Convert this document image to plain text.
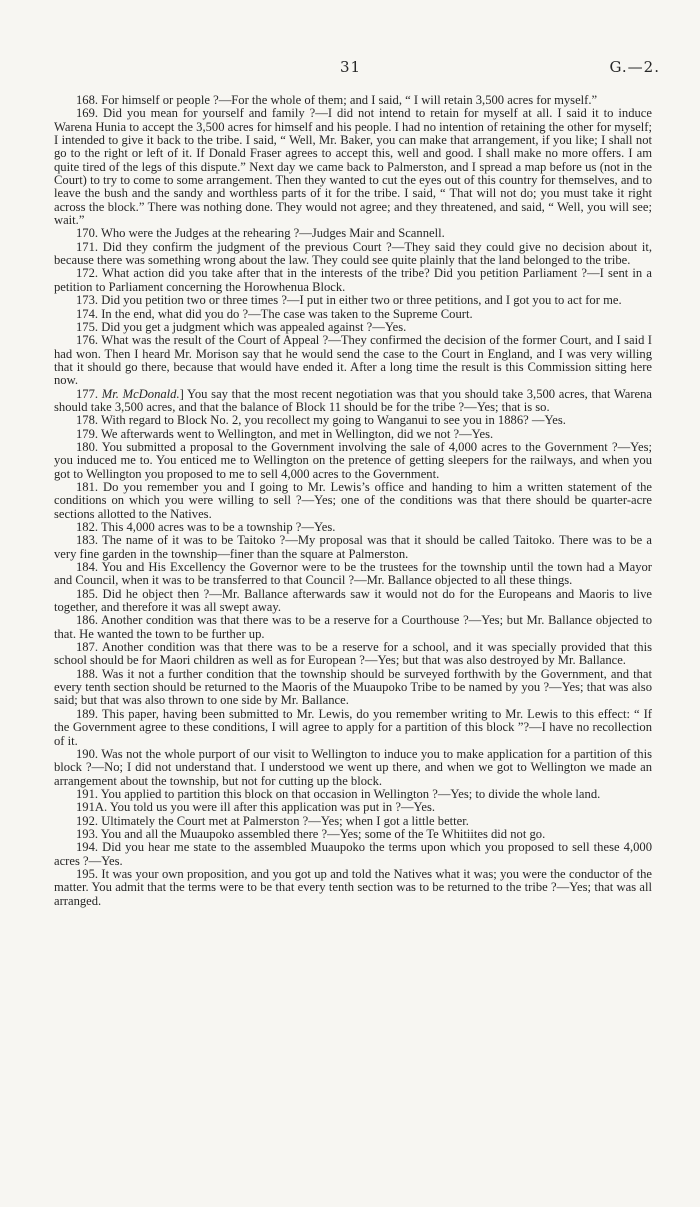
31	G.—2.

168. For himself or people ?—For the whole of them; and I said, “ I will retain 3,500 acres for myself.”

169. Did you mean for yourself and family ?—I did not intend to retain for myself at all. I said it to induce Warena Hunia to accept the 3,500 acres for himself and his people. I had no intention of retaining the other for myself; I intended to give it back to the tribe. I said, “ Well, Mr. Baker, you can make that arrangement, if you like; I shall not go to the right or left of it. If Donald Fraser agrees to accept this, well and good. I shall make no more offers. I am quite tired of the legs of this dispute.” Next day we came back to Palmerston, and I spread a map before us (not in the Court) to try to come to some arrangement. Then they wanted to cut the eyes out of this country for themselves, and to leave the bush and the sandy and worthless parts of it for the tribe. I said, “ That will not do; you must take it right across the block.” There was nothing done. They would not agree; and they threatened, and said, “ Well, you will see; wait.”

170. Who were the Judges at the rehearing ?—Judges Mair and Scannell.

171. Did they confirm the judgment of the previous Court ?—They said they could give no decision about it, because there was something wrong about the law. They could see quite plainly that the land belonged to the tribe.

172. What action did you take after that in the interests of the tribe? Did you petition Parliament ?—I sent in a petition to Parliament concerning the Horowhenua Block.

173. Did you petition two or three times ?—I put in either two or three petitions, and I got you to act for me.

174. In the end, what did you do ?—The case was taken to the Supreme Court.

175. Did you get a judgment which was appealed against ?—Yes.

176. What was the result of the Court of Appeal ?—They confirmed the decision of the former Court, and I said I had won. Then I heard Mr. Morison say that he would send the case to the Court in England, and I was very willing that it should go there, because that would have ended it. After a long time the result is this Commission sitting here now.

177. Mr. McDonald.] You say that the most recent negotiation was that you should take 3,500 acres, that Warena should take 3,500 acres, and that the balance of Block 11 should be for the tribe ?—Yes; that is so.

178. With regard to Block No. 2, you recollect my going to Wanganui to see you in 1886? —Yes.

179. We afterwards went to Wellington, and met in Wellington, did we not ?—Yes.

180. You submitted a proposal to the Government involving the sale of 4,000 acres to the Government ?—Yes; you induced me to. You enticed me to Wellington on the pretence of getting sleepers for the railways, and when you got to Wellington you proposed to me to sell 4,000 acres to the Government.

181. Do you remember you and I going to Mr. Lewis’s office and handing to him a written statement of the conditions on which you were willing to sell ?—Yes; one of the conditions was that there should be quarter-acre sections allotted to the Natives.

182. This 4,000 acres was to be a township ?—Yes.

183. The name of it was to be Taitoko ?—My proposal was that it should be called Taitoko. There was to be a very fine garden in the township—finer than the square at Palmerston.

184. You and His Excellency the Governor were to be the trustees for the township until the town had a Mayor and Council, when it was to be transferred to that Council ?—Mr. Ballance objected to all these things.

185. Did he object then ?—Mr. Ballance afterwards saw it would not do for the Europeans and Maoris to live together, and therefore it was all swept away.

186. Another condition was that there was to be a reserve for a Courthouse ?—Yes; but Mr. Ballance objected to that. He wanted the town to be further up.

187. Another condition was that there was to be a reserve for a school, and it was specially provided that this school should be for Maori children as well as for European ?—Yes; but that was also destroyed by Mr. Ballance.

188. Was it not a further condition that the township should be surveyed forthwith by the Government, and that every tenth section should be returned to the Maoris of the Muaupoko Tribe to be named by you ?—Yes; that was also said; but that was also thrown to one side by Mr. Ballance.

189. This paper, having been submitted to Mr. Lewis, do you remember writing to Mr. Lewis to this effect: “ If the Government agree to these conditions, I will agree to apply for a partition of this block ”?—I have no recollection of it.

190. Was not the whole purport of our visit to Wellington to induce you to make application for a partition of this block ?—No; I did not understand that. I understood we went up there, and when we got to Wellington we made an arrangement about the township, but not for cutting up the block.

191. You applied to partition this block on that occasion in Wellington ?—Yes; to divide the whole land.

191A. You told us you were ill after this application was put in ?—Yes.

192. Ultimately the Court met at Palmerston ?—Yes; when I got a little better.

193. You and all the Muaupoko assembled there ?—Yes; some of the Te Whitiites did not go.

194. Did you hear me state to the assembled Muaupoko the terms upon which you proposed to sell these 4,000 acres ?—Yes.

195. It was your own proposition, and you got up and told the Natives what it was; you were the conductor of the matter. You admit that the terms were to be that every tenth section was to be returned to the tribe ?—Yes; that was all arranged.
